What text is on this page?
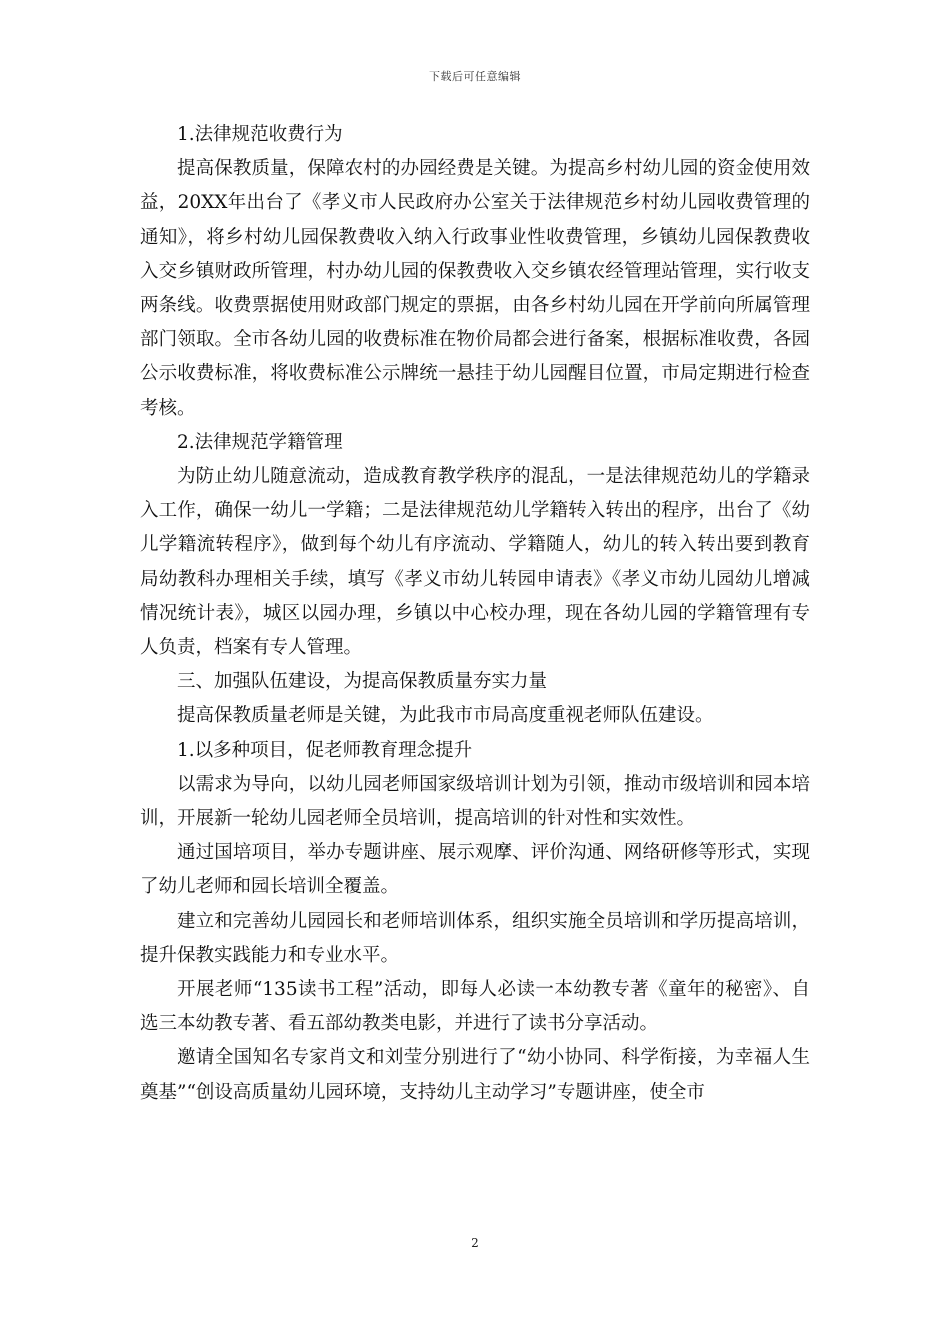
下载后可任意编辑

1.法律规范收费行为

提高保教质量，保障农村的办园经费是关键。为提高乡村幼儿园的资金使用效益，20XX年出台了《孝义市人民政府办公室关于法律规范乡村幼儿园收费管理的通知》，将乡村幼儿园保教费收入纳入行政事业性收费管理，乡镇幼儿园保教费收入交乡镇财政所管理，村办幼儿园的保教费收入交乡镇农经管理站管理，实行收支两条线。收费票据使用财政部门规定的票据，由各乡村幼儿园在开学前向所属管理部门领取。全市各幼儿园的收费标准在物价局都会进行备案，根据标准收费，各园公示收费标准，将收费标准公示牌统一悬挂于幼儿园醒目位置，市局定期进行检查考核。

2.法律规范学籍管理

为防止幼儿随意流动，造成教育教学秩序的混乱，一是法律规范幼儿的学籍录入工作，确保一幼儿一学籍；二是法律规范幼儿学籍转入转出的程序，出台了《幼儿学籍流转程序》，做到每个幼儿有序流动、学籍随人，幼儿的转入转出要到教育局幼教科办理相关手续，填写《孝义市幼儿转园申请表》《孝义市幼儿园幼儿增减情况统计表》，城区以园办理，乡镇以中心校办理，现在各幼儿园的学籍管理有专人负责，档案有专人管理。

三、加强队伍建设，为提高保教质量夯实力量

提高保教质量老师是关键，为此我市市局高度重视老师队伍建设。

1.以多种项目，促老师教育理念提升

以需求为导向，以幼儿园老师国家级培训计划为引领，推动市级培训和园本培训，开展新一轮幼儿园老师全员培训，提高培训的针对性和实效性。

通过国培项目，举办专题讲座、展示观摩、评价沟通、网络研修等形式，实现了幼儿老师和园长培训全覆盖。

建立和完善幼儿园园长和老师培训体系，组织实施全员培训和学历提高培训，提升保教实践能力和专业水平。

开展老师“135读书工程”活动，即每人必读一本幼教专著《童年的秘密》、自选三本幼教专著、看五部幼教类电影，并进行了读书分享活动。

邀请全国知名专家肖文和刘莹分别进行了“幼小协同、科学衔接，为幸福人生奠基”“创设高质量幼儿园环境，支持幼儿主动学习”专题讲座，使全市

2
